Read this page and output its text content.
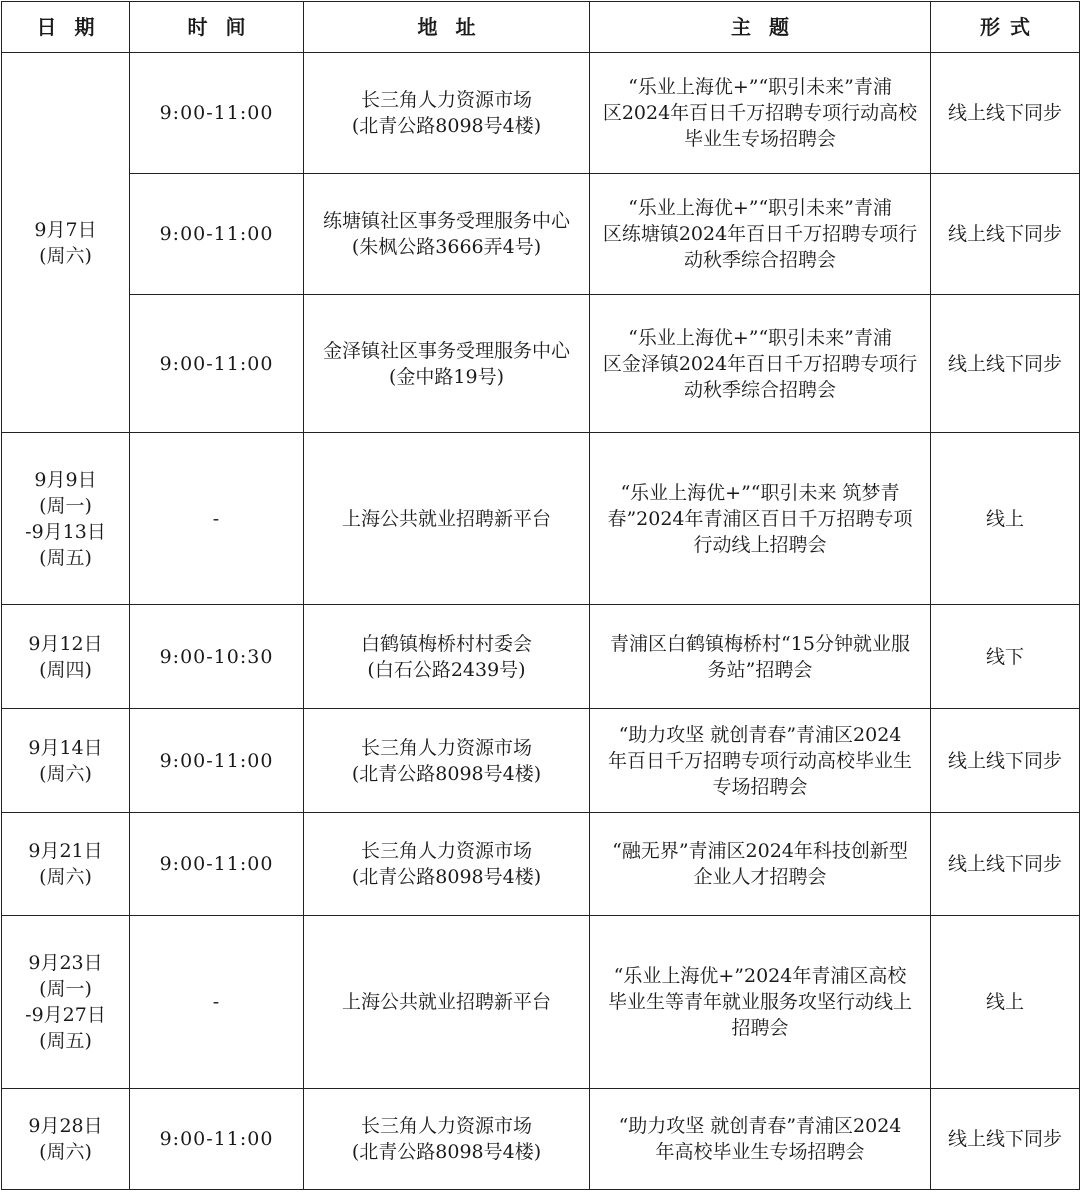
日期	时间	地址	主题	形式

9月7日
(周六)	9:00-11:00	长三角人力资源市场
(北青公路8098号4楼)	“乐业上海优+”“职引未来”青浦
区2024年百日千万招聘专项行动高校
毕业生专场招聘会	线上线下同步
	9:00-11:00	练塘镇社区事务受理服务中心
(朱枫公路3666弄4号)	“乐业上海优+”“职引未来”青浦
区练塘镇2024年百日千万招聘专项行
动秋季综合招聘会	线上线下同步
	9:00-11:00	金泽镇社区事务受理服务中心
(金中路19号)	“乐业上海优+”“职引未来”青浦
区金泽镇2024年百日千万招聘专项行
动秋季综合招聘会	线上线下同步

9月9日
(周一)
-9月13日
(周五)	-	上海公共就业招聘新平台	“乐业上海优+”“职引未来 筑梦青
春”2024年青浦区百日千万招聘专项
行动线上招聘会	线上

9月12日
(周四)	9:00-10:30	白鹤镇梅桥村村委会
(白石公路2439号)	青浦区白鹤镇梅桥村“15分钟就业服
务站”招聘会	线下

9月14日
(周六)	9:00-11:00	长三角人力资源市场
(北青公路8098号4楼)	“助力攻坚 就创青春”青浦区2024
年百日千万招聘专项行动高校毕业生
专场招聘会	线上线下同步

9月21日
(周六)	9:00-11:00	长三角人力资源市场
(北青公路8098号4楼)	“融无界”青浦区2024年科技创新型
企业人才招聘会	线上线下同步

9月23日
(周一)
-9月27日
(周五)	-	上海公共就业招聘新平台	“乐业上海优+”2024年青浦区高校
毕业生等青年就业服务攻坚行动线上
招聘会	线上

9月28日
(周六)	9:00-11:00	长三角人力资源市场
(北青公路8098号4楼)	“助力攻坚 就创青春”青浦区2024
年高校毕业生专场招聘会	线上线下同步
